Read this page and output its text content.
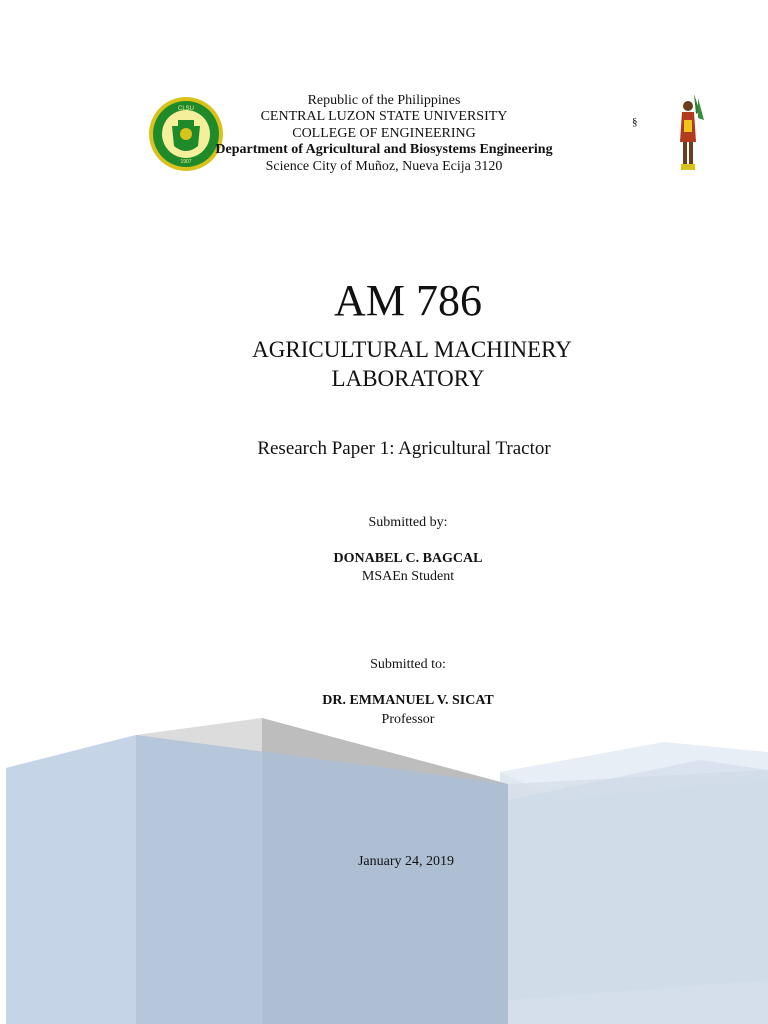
CLSU
1907
§
Republic of the Philippines
CENTRAL LUZON STATE UNIVERSITY
COLLEGE OF ENGINEERING
Department of Agricultural and Biosystems Engineering
Science City of Muñoz, Nueva Ecija 3120
AM 786
AGRICULTURAL MACHINERY
LABORATORY
Research Paper 1: Agricultural Tractor
Submitted by:
DONABEL C. BAGCAL
MSAEn Student
Submitted to:
DR. EMMANUEL V. SICAT
Professor
January 24, 2019
